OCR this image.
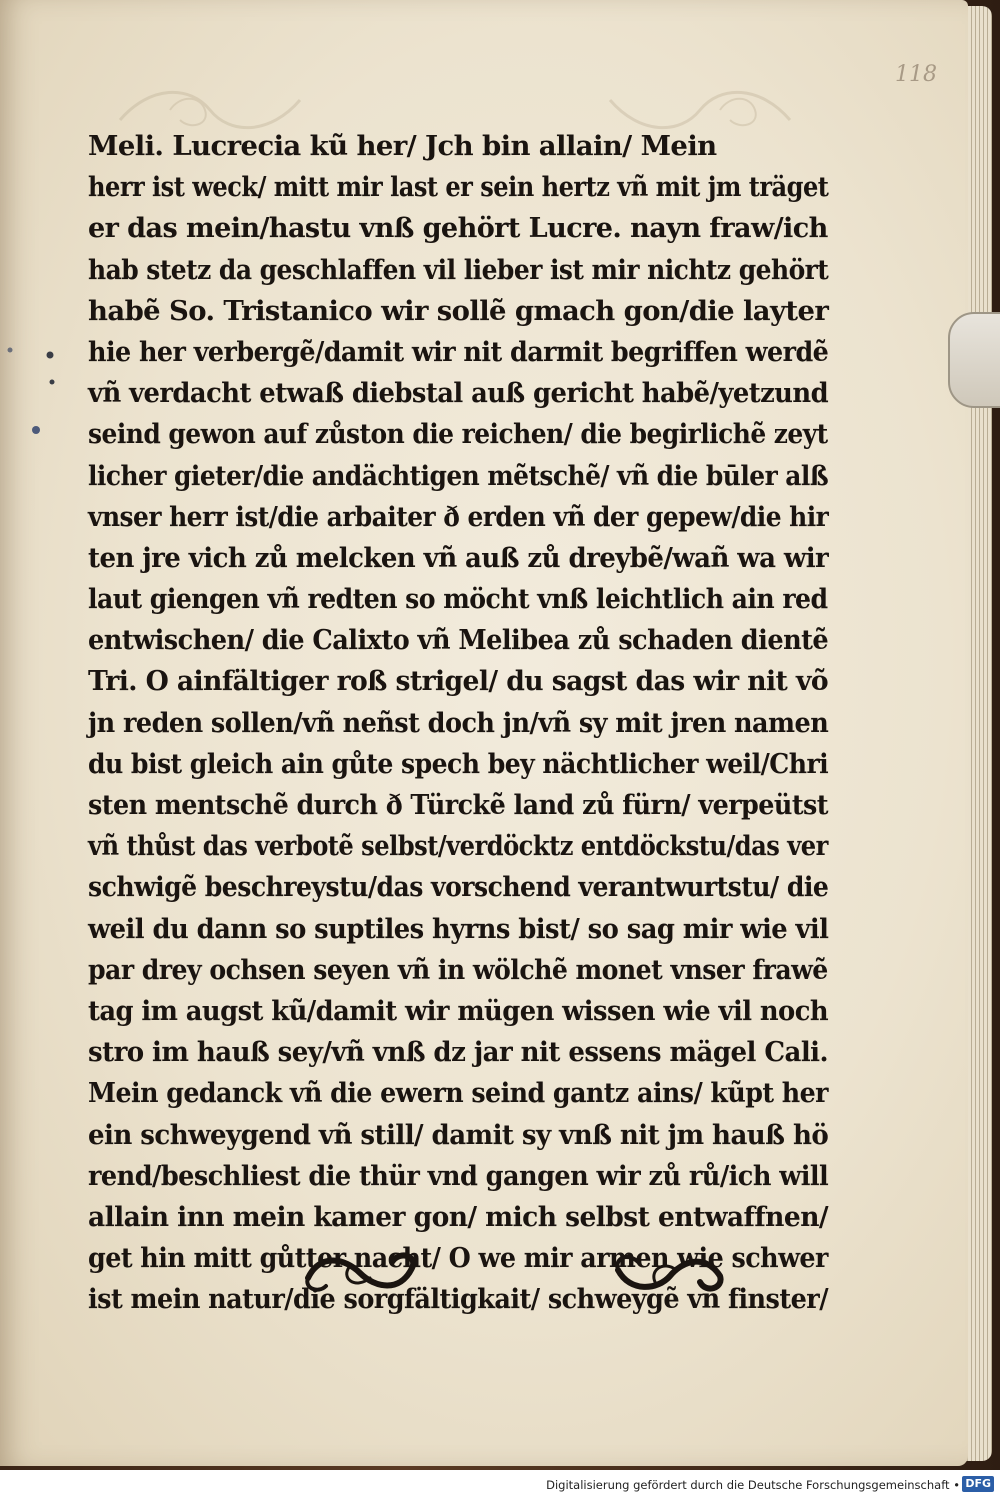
118
Meli. Lucrecia kũ her/ Jch bin allain/ Mein
herr ist weck/ mitt mir last er sein hertz vñ mit jm träget
er das mein/hastu vnß gehört Lucre. nayn fraw/ich
hab stetz da geschlaffen vil lieber ist mir nichtz gehört
habẽ So. Tristanico wir sollẽ gmach gon/die layter
hie her verbergẽ/damit wir nit darmit begriffen werdẽ
vñ verdacht etwaß diebstal auß gericht habẽ/yetzund
seind gewon auf zůston die reichen/ die begirlichẽ zeyt
licher gieter/die andächtigen mẽtschẽ/ vñ die būler alß
vnser herr ist/die arbaiter ð erden vñ der gepew/die hir
ten jre vich zů melcken vñ auß zů dreybẽ/wañ wa wir
laut giengen vñ redten so möcht vnß leichtlich ain red
entwischen/ die Calixto vñ Melibea zů schaden dientẽ
Tri. O ainfältiger roß strigel/ du sagst das wir nit võ
jn reden sollen/vñ neñst doch jn/vñ sy mit jren namen
du bist gleich ain gůte spech bey nächtlicher weil/Chri
sten mentschẽ durch ð Türckẽ land zů fürn/ verpeütst
vñ thůst das verbotẽ selbst/verdöcktz entdöckstu/das ver
schwigẽ beschreystu/das vorschend verantwurtstu/ die
weil du dann so suptiles hyrns bist/ so sag mir wie vil
par drey ochsen seyen vñ in wölchẽ monet vnser frawẽ
tag im augst kũ/damit wir mügen wissen wie vil noch
stro im hauß sey/vñ vnß dz jar nit essens mägel Cali.
Mein gedanck vñ die ewern seind gantz ains/ kũpt her
ein schweygend vñ still/ damit sy vnß nit jm hauß hö
rend/beschliest die thür vnd gangen wir zů rů/ich will
allain inn mein kamer gon/ mich selbst entwaffnen/
get hin mitt gůtter nacht/ O we mir armen wie schwer
ist mein natur/die sorgfältigkait/ schweygẽ vñ finster/
Digitalisierung gefördert durch die Deutsche Forschungsgemeinschaft • DFG
